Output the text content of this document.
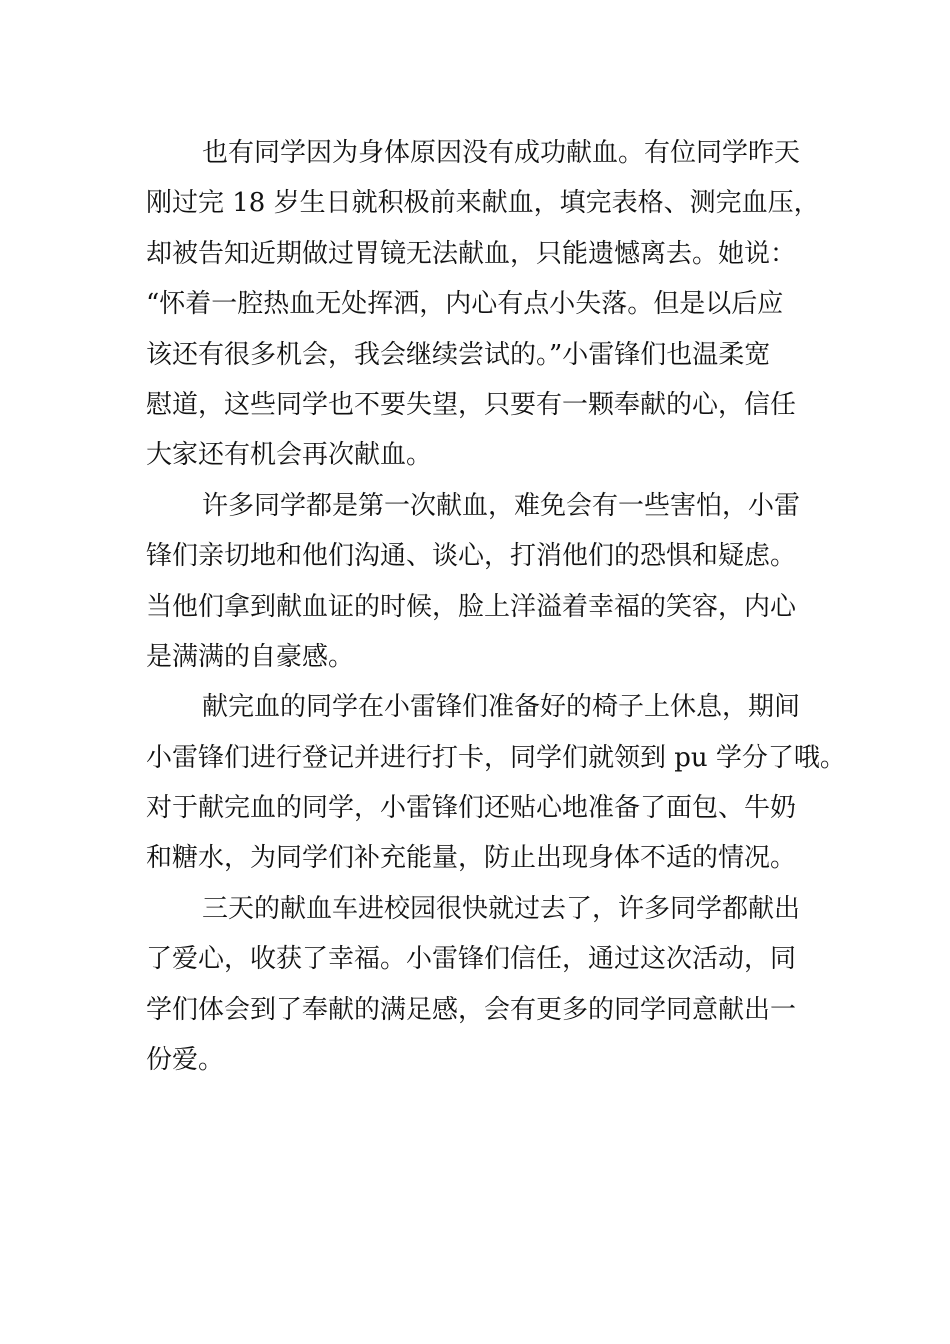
也有同学因为身体原因没有成功献血。有位同学昨天
刚过完 18 岁生日就积极前来献血，填完表格、测完血压，
却被告知近期做过胃镜无法献血，只能遗憾离去。她说：
“怀着一腔热血无处挥洒，内心有点小失落。但是以后应
该还有很多机会，我会继续尝试的。”小雷锋们也温柔宽
慰道，这些同学也不要失望，只要有一颗奉献的心，信任
大家还有机会再次献血。
许多同学都是第一次献血，难免会有一些害怕，小雷
锋们亲切地和他们沟通、谈心，打消他们的恐惧和疑虑。
当他们拿到献血证的时候，脸上洋溢着幸福的笑容，内心
是满满的自豪感。
献完血的同学在小雷锋们准备好的椅子上休息，期间
小雷锋们进行登记并进行打卡，同学们就领到 pu 学分了哦。
对于献完血的同学，小雷锋们还贴心地准备了面包、牛奶
和糖水，为同学们补充能量，防止出现身体不适的情况。
三天的献血车进校园很快就过去了，许多同学都献出
了爱心，收获了幸福。小雷锋们信任，通过这次活动，同
学们体会到了奉献的满足感，会有更多的同学同意献出一
份爱。
